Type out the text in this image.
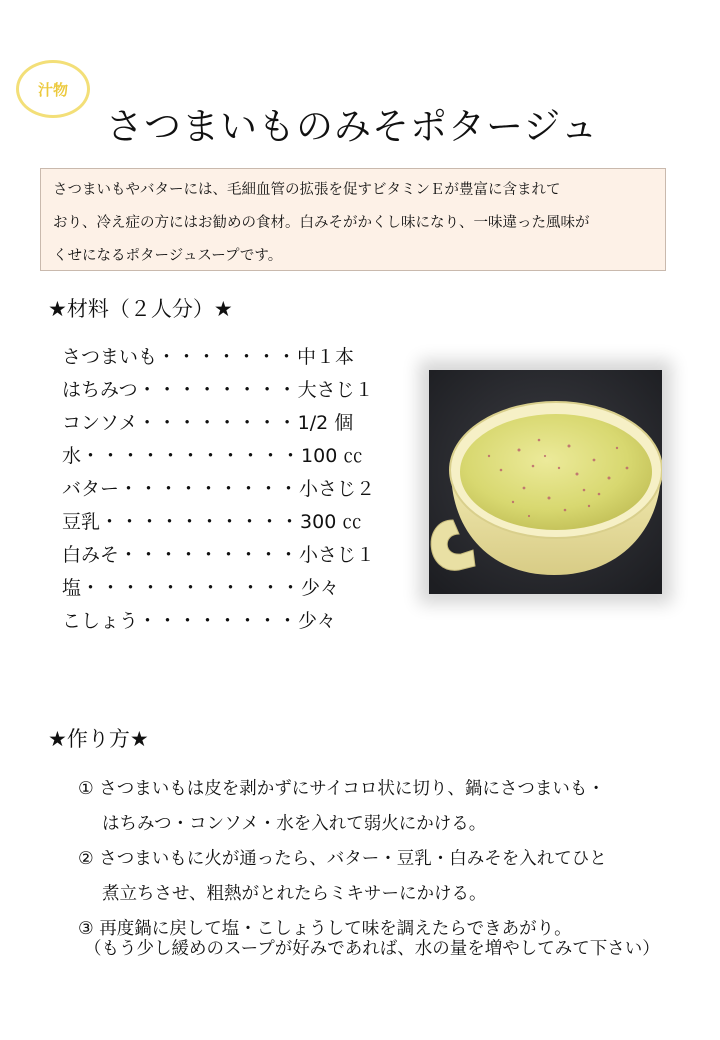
汁物
さつまいものみそポタージュ
さつまいもやバターには、毛細血管の拡張を促すビタミンＥが豊富に含まれて
おり、冷え症の方にはお勧めの食材。白みそがかくし味になり、一味違った風味が
くせになるポタージュスープです。
★材料（２人分）★
さつまいも ・・・・・・・ 中１本
はちみつ ・・・・・・・・ 大さじ１
コンソメ ・・・・・・・・ 1/2 個
水 ・・・・・・・・・・・ 100 ㏄
バター ・・・・・・・・・ 小さじ２
豆乳 ・・・・・・・・・・ 300 ㏄
白みそ ・・・・・・・・・ 小さじ１
塩 ・・・・・・・・・・・ 少々
こしょう ・・・・・・・・ 少々
★作り方★
① さつまいもは皮を剥かずにサイコロ状に切り、鍋にさつまいも・
はちみつ・コンソメ・水を入れて弱火にかける。
② さつまいもに火が通ったら、バター・豆乳・白みそを入れてひと
煮立ちさせ、粗熱がとれたらミキサーにかける。
③ 再度鍋に戻して塩・こしょうして味を調えたらできあがり。
（もう少し緩めのスープが好みであれば、水の量を増やしてみて下さい）
